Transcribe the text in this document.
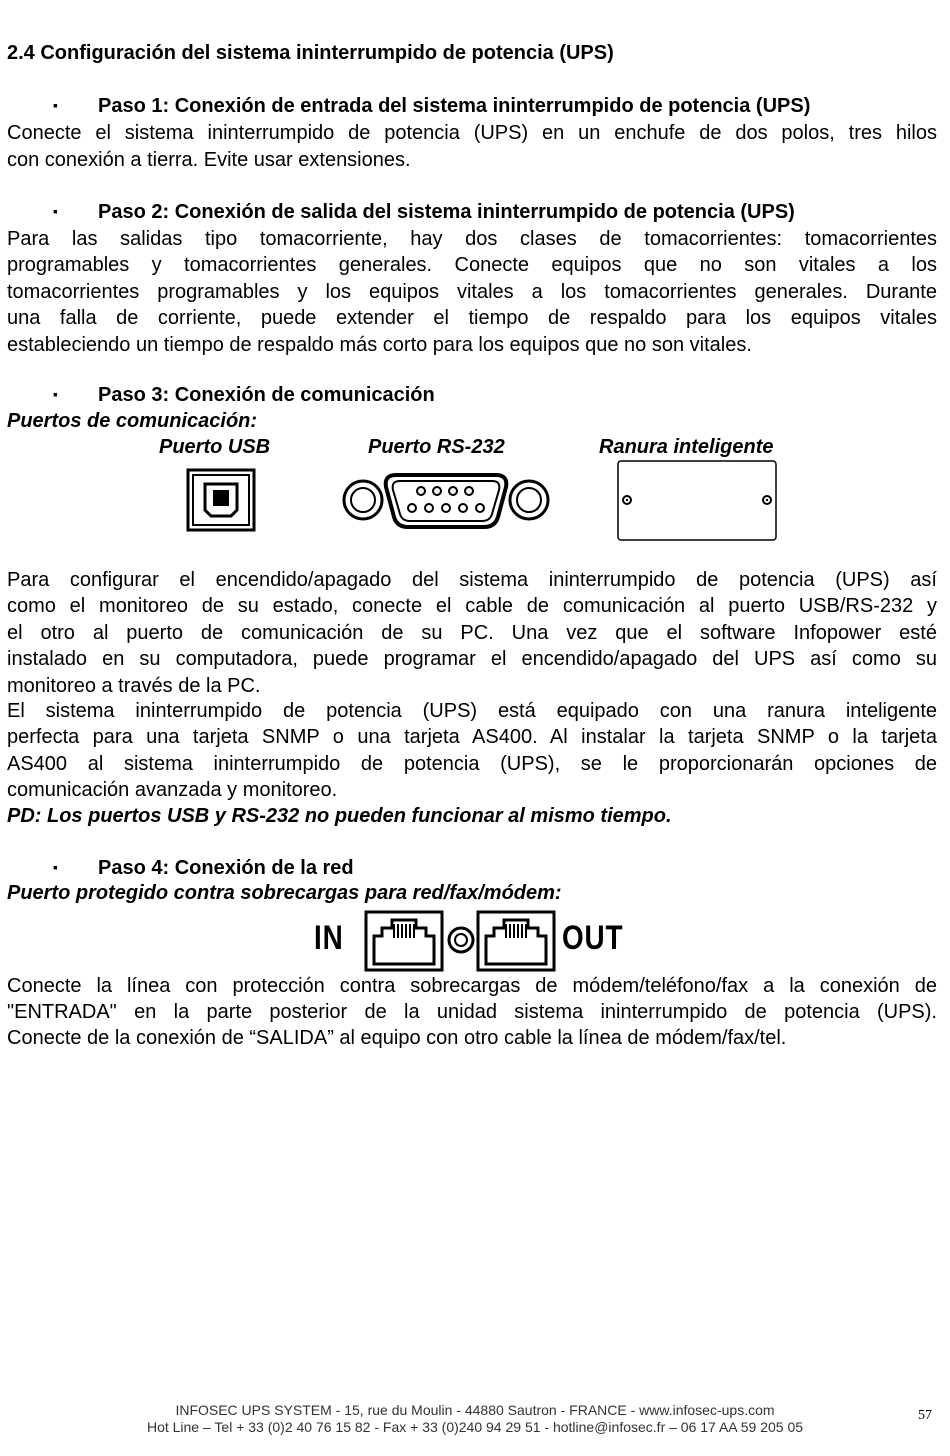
2.4 Configuración del sistema ininterrumpido de potencia (UPS)
▪ Paso 1: Conexión de entrada del sistema ininterrumpido de potencia (UPS)
Conecte el sistema ininterrumpido de potencia (UPS) en un enchufe de dos polos, tres hilos
con conexión a tierra. Evite usar extensiones.
▪ Paso 2: Conexión de salida del sistema ininterrumpido de potencia (UPS)
Para las salidas tipo tomacorriente, hay dos clases de tomacorrientes: tomacorrientes
programables y tomacorrientes generales. Conecte equipos que no son vitales a los
tomacorrientes programables y los equipos vitales a los tomacorrientes generales. Durante
una falla de corriente, puede extender el tiempo de respaldo para los equipos vitales
estableciendo un tiempo de respaldo más corto para los equipos que no son vitales.
▪ Paso 3: Conexión de comunicación
Puertos de comunicación:
Puerto USB	Puerto RS-232	Ranura inteligente
Para configurar el encendido/apagado del sistema ininterrumpido de potencia (UPS) así
como el monitoreo de su estado, conecte el cable de comunicación al puerto USB/RS-232 y
el otro al puerto de comunicación de su PC. Una vez que el software Infopower esté
instalado en su computadora, puede programar el encendido/apagado del UPS así como su
monitoreo a través de la PC.
El sistema ininterrumpido de potencia (UPS) está equipado con una ranura inteligente
perfecta para una tarjeta SNMP o una tarjeta AS400. Al instalar la tarjeta SNMP o la tarjeta
AS400 al sistema ininterrumpido de potencia (UPS), se le proporcionarán opciones de
comunicación avanzada y monitoreo.
PD: Los puertos USB y RS-232 no pueden funcionar al mismo tiempo.
▪ Paso 4: Conexión de la red
Puerto protegido contra sobrecargas para red/fax/módem:
IN	OUT
Conecte la línea con protección contra sobrecargas de módem/teléfono/fax a la conexión de
"ENTRADA" en la parte posterior de la unidad sistema ininterrumpido de potencia (UPS).
Conecte de la conexión de “SALIDA” al equipo con otro cable la línea de módem/fax/tel.
INFOSEC UPS SYSTEM - 15, rue du Moulin - 44880 Sautron - FRANCE - www.infosec-ups.com
Hot Line – Tel + 33 (0)2 40 76 15 82 - Fax + 33 (0)240 94 29 51 - hotline@infosec.fr – 06 17 AA 59 205 05
57
